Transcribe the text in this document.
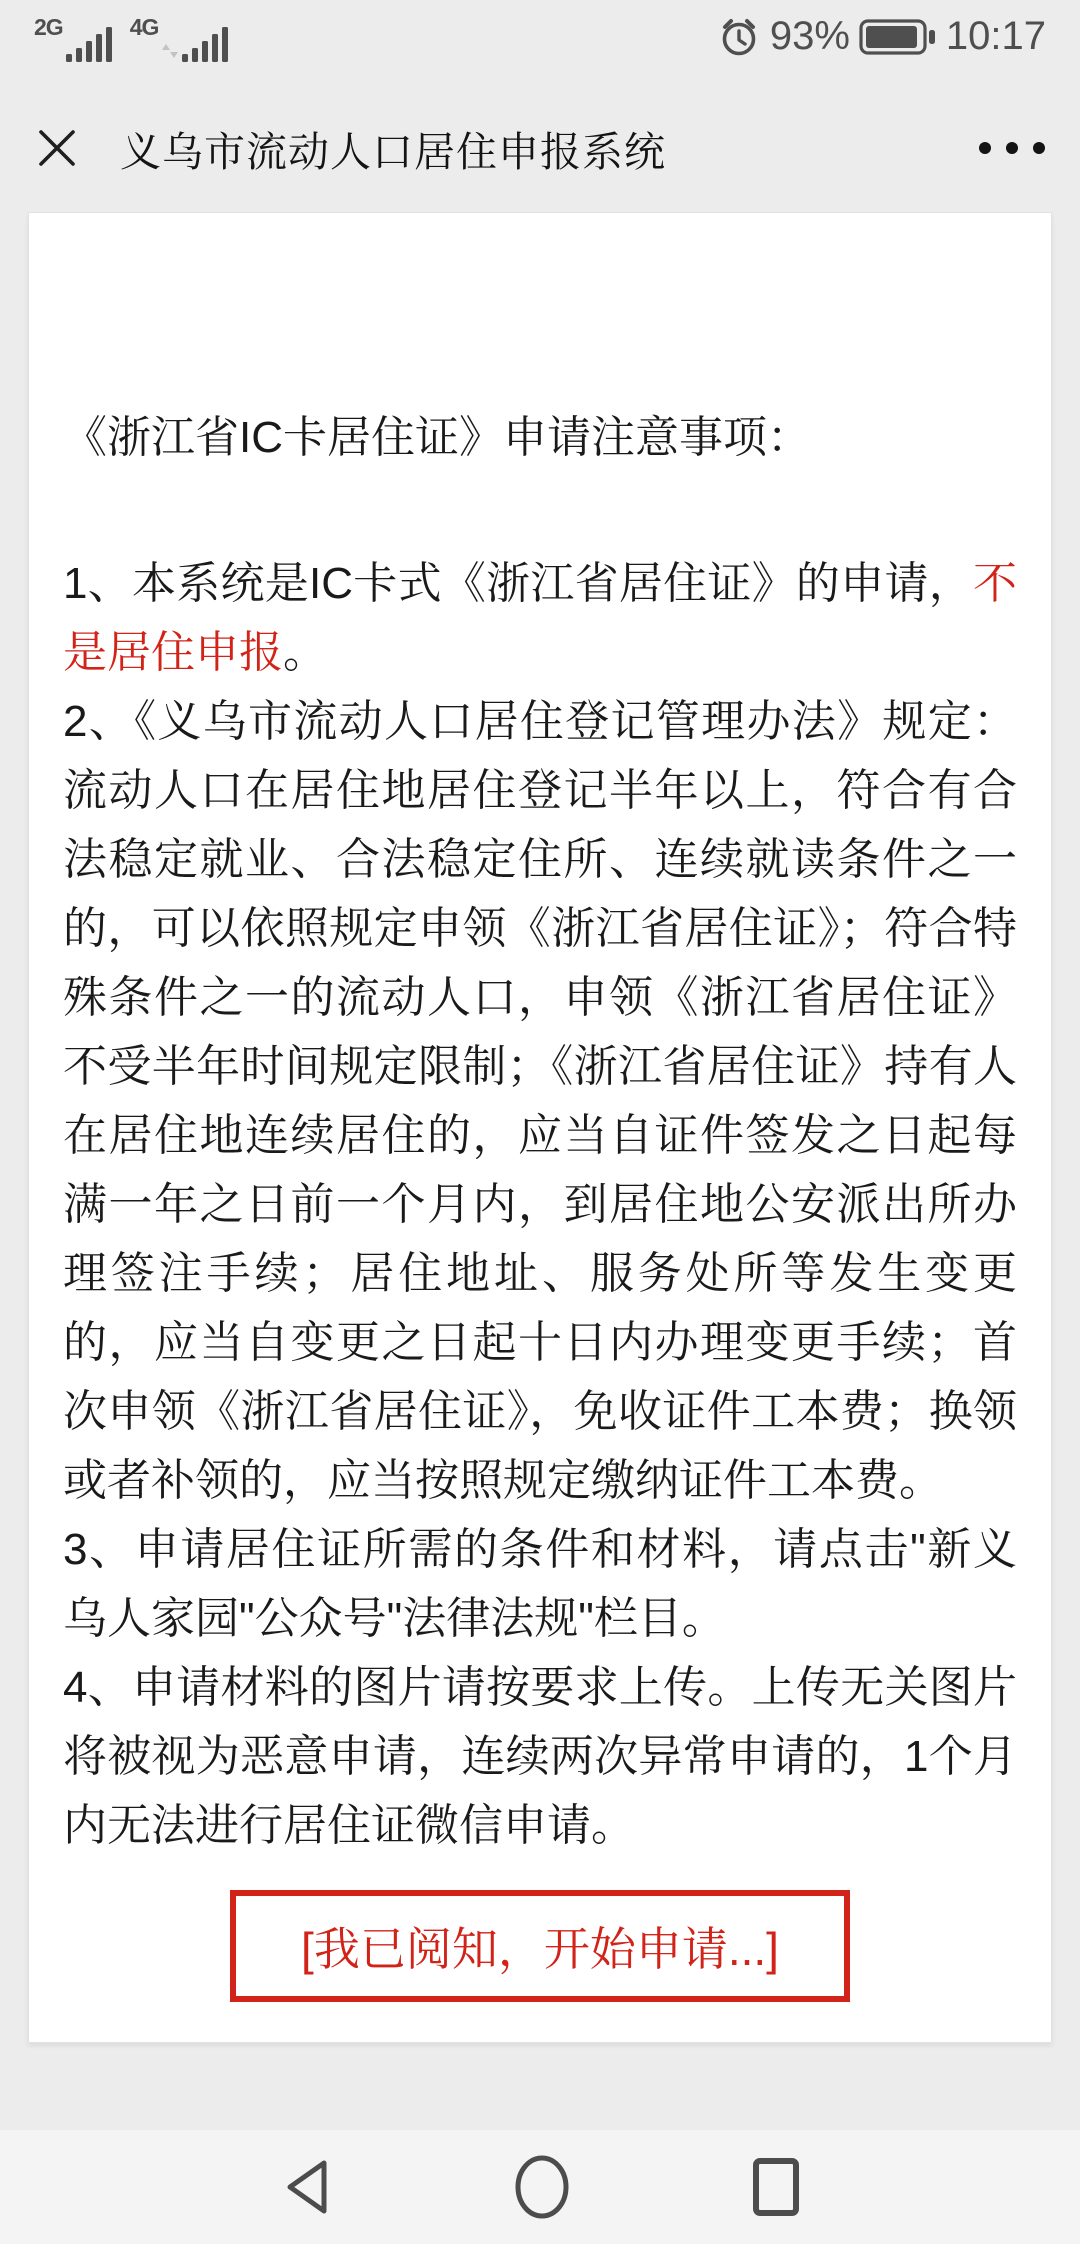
2G	4G	93% 10:17
义乌市流动人口居住申报系统

《浙江省IC卡居住证》申请注意事项：

1、本系统是IC卡式《浙江省居住证》的申请，不是居住申报。

2、《义乌市流动人口居住登记管理办法》规定：流动人口在居住地居住登记半年以上，符合有合法稳定就业、合法稳定住所、连续就读条件之一的，可以依照规定申领《浙江省居住证》；符合特殊条件之一的流动人口，申领《浙江省居住证》不受半年时间规定限制；《浙江省居住证》持有人在居住地连续居住的，应当自证件签发之日起每满一年之日前一个月内，到居住地公安派出所办理签注手续；居住地址、服务处所等发生变更的，应当自变更之日起十日内办理变更手续；首次申领《浙江省居住证》，免收证件工本费；换领或者补领的，应当按照规定缴纳证件工本费。

3、申请居住证所需的条件和材料，请点击"新义乌人家园"公众号"法律法规"栏目。

4、申请材料的图片请按要求上传。上传无关图片将被视为恶意申请，连续两次异常申请的，1个月内无法进行居住证微信申请。

[我已阅知，开始申请...]
